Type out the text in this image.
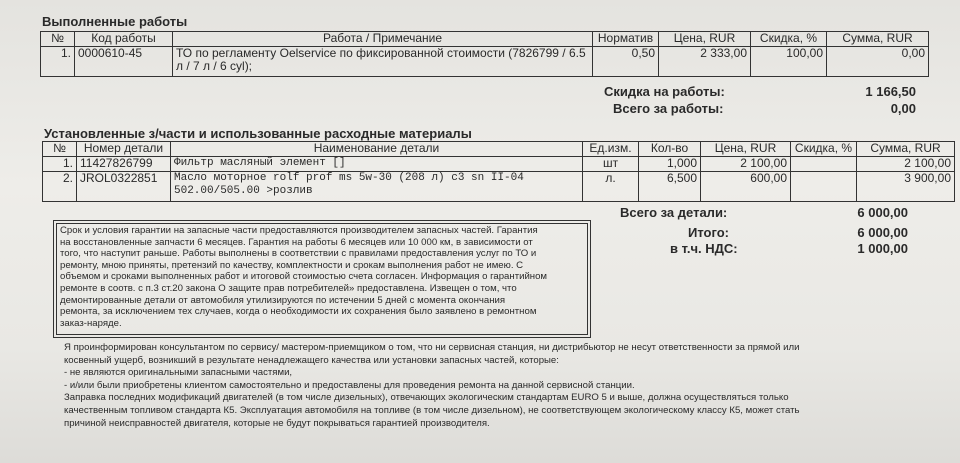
Выполненные работы
№	Код работы	Работа / Примечание	Норматив	Цена, RUR	Скидка, %	Сумма, RUR
1.	0000610-45	ТО по регламенту Oelservice по фиксированной стоимости (7826799 / 6.5 л / 7 л / 6 cyl);	0,50	2 333,00	100,00	0,00
Скидка на работы:	1 166,50
Всего за работы:	0,00
Установленные з/части и использованные расходные материалы
№	Номер детали	Наименование детали	Ед.изм.	Кол-во	Цена, RUR	Скидка, %	Сумма, RUR
1.	11427826799	Фильтр масляный элемент []	шт	1,000	2 100,00		2 100,00
2.	JROL0322851	Масло моторное rolf prof ms 5w-30 (208 л) c3 sn II-04 502.00/505.00 >розлив	л.	6,500	600,00		3 900,00
Всего за детали:	6 000,00
Итого:	6 000,00
в т.ч. НДС:	1 000,00
Срок и условия гарантии на запасные части предоставляются производителем запасных частей. Гарантия
на восстановленные запчасти 6 месяцев. Гарантия на работы 6 месяцев или 10 000 км, в зависимости от
того, что наступит раньше. Работы выполнены в соответствии с правилами предоставления услуг по ТО и
ремонту, мною приняты, претензий по качеству, комплектности и срокам выполнения работ не имею. С
объемом и сроками выполненных работ и итоговой стоимостью счета согласен. Информация о гарантийном
ремонте в соотв. с п.3 ст.20 закона О защите прав потребителей» предоставлена. Извещен о том, что
демонтированные детали от автомобиля утилизируются по истечении 5 дней с момента окончания
ремонта, за исключением тех случаев, когда о необходимости их сохранения было заявлено в ремонтном
заказ-наряде.
Я проинформирован консультантом по сервису/ мастером-приемщиком о том, что ни сервисная станция, ни дистрибьютор не несут ответственности за прямой или
косвенный ущерб, возникший в результате ненадлежащего качества или установки запасных частей, которые:
- не являются оригинальными запасными частями,
- и/или были приобретены клиентом самостоятельно и предоставлены для проведения ремонта на данной сервисной станции.
Заправка последних модификаций двигателей (в том числе дизельных), отвечающих экологическим стандартам EURO 5 и выше, должна осуществляться только
качественным топливом стандарта К5. Эксплуатация автомобиля на топливе (в том числе дизельном), не соответствующем экологическому классу К5, может стать
причиной неисправностей двигателя, которые не будут покрываться гарантией производителя.
